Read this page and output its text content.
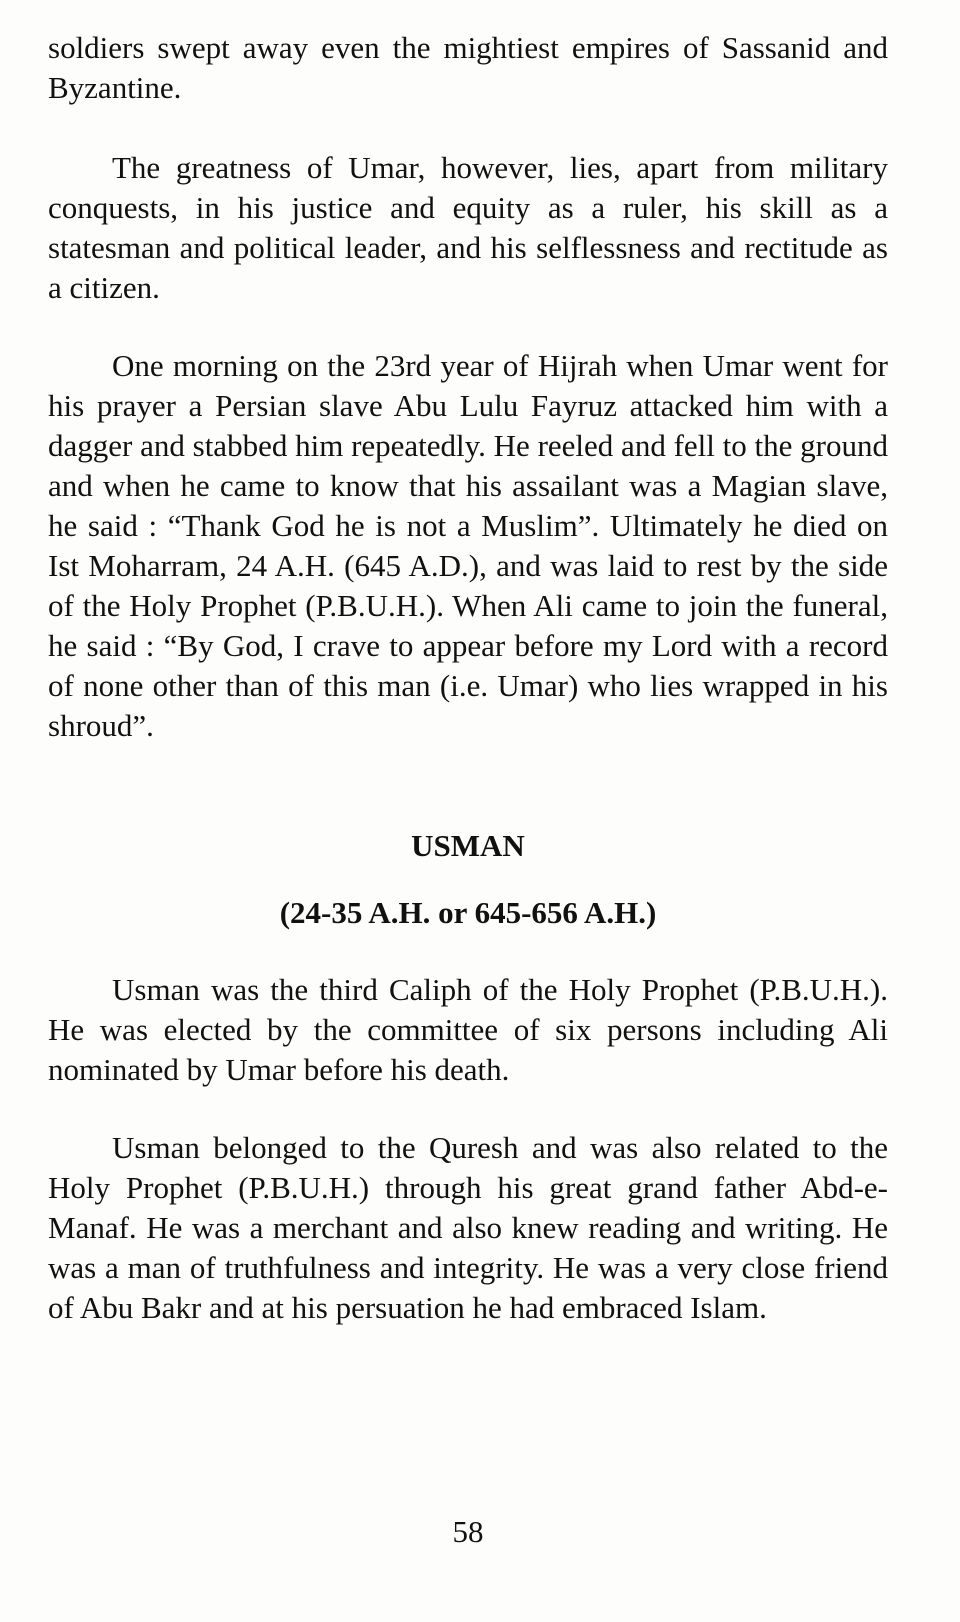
soldiers swept away even the mightiest empires of Sassanid and Byzantine.

The greatness of Umar, however, lies, apart from military conquests, in his justice and equity as a ruler, his skill as a statesman and political leader, and his selflessness and rectitude as a citizen.

One morning on the 23rd year of Hijrah when Umar went for his prayer a Persian slave Abu Lulu Fayruz attacked him with a dagger and stabbed him repeatedly. He reeled and fell to the ground and when he came to know that his assailant was a Magian slave, he said : “Thank God he is not a Muslim”. Ultimately he died on Ist Moharram, 24 A.H. (645 A.D.), and was laid to rest by the side of the Holy Prophet (P.B.U.H.). When Ali came to join the funeral, he said : “By God, I crave to appear before my Lord with a record of none other than of this man (i.e. Umar) who lies wrapped in his shroud”.

USMAN
(24-35 A.H. or 645-656 A.H.)

Usman was the third Caliph of the Holy Prophet (P.B.U.H.). He was elected by the committee of six persons including Ali nominated by Umar before his death.

Usman belonged to the Quresh and was also related to the Holy Prophet (P.B.U.H.) through his great grand father Abd-e-Manaf. He was a merchant and also knew reading and writing. He was a man of truthfulness and integrity. He was a very close friend of Abu Bakr and at his persuation he had embraced Islam.

58
